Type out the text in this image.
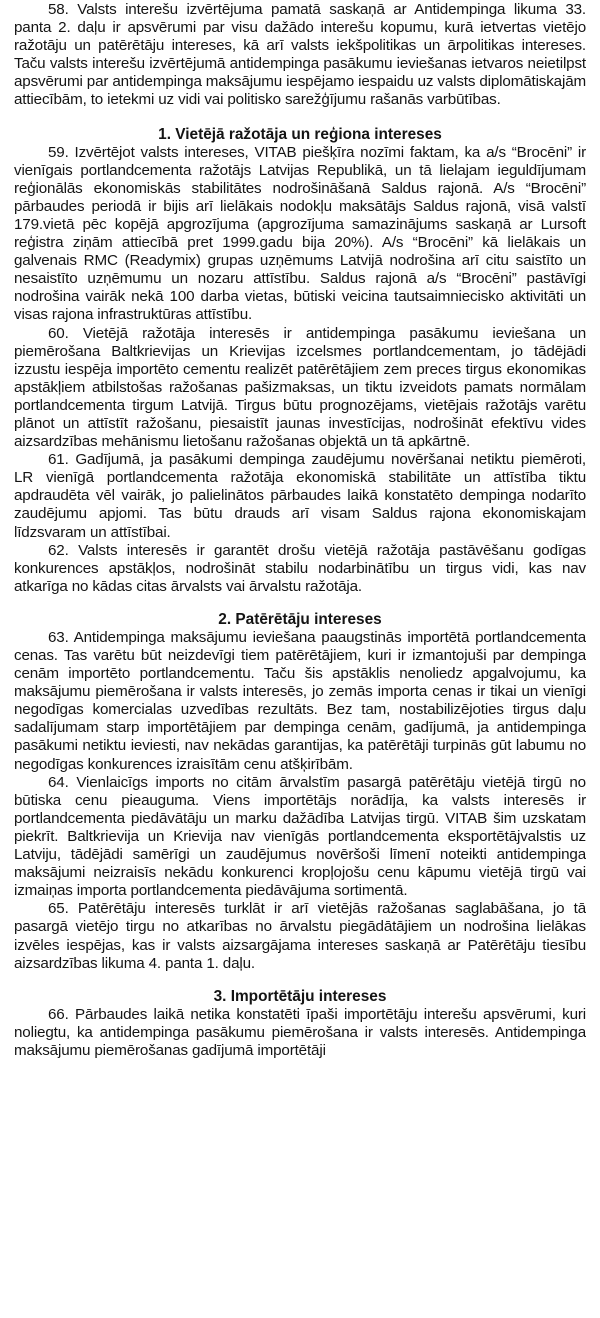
58. Valsts interešu izvērtējuma pamatā saskaņā ar Antidempinga likuma 33. panta 2. daļu ir apsvērumi par visu dažādo interešu kopumu, kurā ietvertas vietējo ražotāju un patērētāju intereses, kā arī valsts iekšpolitikas un ārpolitikas intereses. Taču valsts interešu izvērtējumā antidempinga pasākumu ieviešanas ietvaros neietilpst apsvērumi par antidempinga maksājumu iespējamo iespaidu uz valsts diplomātiskajām attiecībām, to ietekmi uz vidi vai politisko sarežģījumu rašanās varbūtības.

1. Vietējā ražotāja un reģiona intereses

59. Izvērtējot valsts intereses, VITAB piešķīra nozīmi faktam, ka a/s “Brocēni” ir vienīgais portlandcementa ražotājs Latvijas Republikā, un tā lielajam ieguldījumam reģionālās ekonomiskās stabilitātes nodrošināšanā Saldus rajonā. A/s “Brocēni” pārbaudes periodā ir bijis arī lielākais nodokļu maksātājs Saldus rajonā, visā valstī 179.vietā pēc kopējā apgrozījuma (apgrozījuma samazinājums saskaņā ar Lursoft reģistra ziņām attiecībā pret 1999.gadu bija 20%). A/s “Brocēni” kā lielākais un galvenais RMC (Readymix) grupas uzņēmums Latvijā nodrošina arī citu saistīto un nesaistīto uzņēmumu un nozaru attīstību. Saldus rajonā a/s “Brocēni” pastāvīgi nodrošina vairāk nekā 100 darba vietas, būtiski veicina tautsaimniecisko aktivitāti un visas rajona infrastruktūras attīstību.

60. Vietējā ražotāja interesēs ir antidempinga pasākumu ieviešana un piemērošana Baltkrievijas un Krievijas izcelsmes portlandcementam, jo tādējādi izzustu iespēja importēto cementu realizēt patērētājiem zem preces tirgus ekonomikas apstākļiem atbilstošas ražošanas pašizmaksas, un tiktu izveidots pamats normālam portlandcementa tirgum Latvijā. Tirgus būtu prognozējams, vietējais ražotājs varētu plānot un attīstīt ražošanu, piesaistīt jaunas investīcijas, nodrošināt efektīvu vides aizsardzības mehānismu lietošanu ražošanas objektā un tā apkārtnē.

61. Gadījumā, ja pasākumi dempinga zaudējumu novēršanai netiktu piemēroti, LR vienīgā portlandcementa ražotāja ekonomiskā stabilitāte un attīstība tiktu apdraudēta vēl vairāk, jo palielinātos pārbaudes laikā konstatēto dempinga nodarīto zaudējumu apjomi. Tas būtu drauds arī visam Saldus rajona ekonomiskajam līdzsvaram un attīstībai.

62. Valsts interesēs ir garantēt drošu vietējā ražotāja pastāvēšanu godīgas konkurences apstākļos, nodrošināt stabilu nodarbinātību un tirgus vidi, kas nav atkarīga no kādas citas ārvalsts vai ārvalstu ražotāja.

2. Patērētāju intereses

63. Antidempinga maksājumu ieviešana paaugstinās importētā portlandcementa cenas. Tas varētu būt neizdevīgi tiem patērētājiem, kuri ir izmantojuši par dempinga cenām importēto portlandcementu. Taču šis apstāklis nenoliedz apgalvojumu, ka maksājumu piemērošana ir valsts interesēs, jo zemās importa cenas ir tikai un vienīgi negodīgas komercialas uzvedības rezultāts. Bez tam, nostabilizējoties tirgus daļu sadalījumam starp importētājiem par dempinga cenām, gadījumā, ja antidempinga pasākumi netiktu ieviesti, nav nekādas garantijas, ka patērētāji turpinās gūt labumu no negodīgas konkurences izraisītām cenu atšķirībām.

64. Vienlaicīgs imports no citām ārvalstīm pasargā patērētāju vietējā tirgū no būtiska cenu pieauguma. Viens importētājs norādīja, ka valsts interesēs ir portlandcementa piedāvātāju un marku dažādība Latvijas tirgū. VITAB šim uzskatam piekrīt. Baltkrievija un Krievija nav vienīgās portlandcementa eksportētājvalstis uz Latviju, tādējādi samērīgi un zaudējumus novēršoši līmenī noteikti antidempinga maksājumi neizraisīs nekādu konkurenci kropļojošu cenu kāpumu vietējā tirgū vai izmaiņas importa portlandcementa piedāvājuma sortimentā.

65. Patērētāju interesēs turklāt ir arī vietējās ražošanas saglabāšana, jo tā pasargā vietējo tirgu no atkarības no ārvalstu piegādātājiem un nodrošina lielākas izvēles iespējas, kas ir valsts aizsargājama intereses saskaņā ar Patērētāju tiesību aizsardzības likuma 4. panta 1. daļu.

3. Importētāju intereses

66. Pārbaudes laikā netika konstatēti īpaši importētāju interešu apsvērumi, kuri noliegtu, ka antidempinga pasākumu piemērošana ir valsts interesēs. Antidempinga maksājumu piemērošanas gadījumā importētāji
